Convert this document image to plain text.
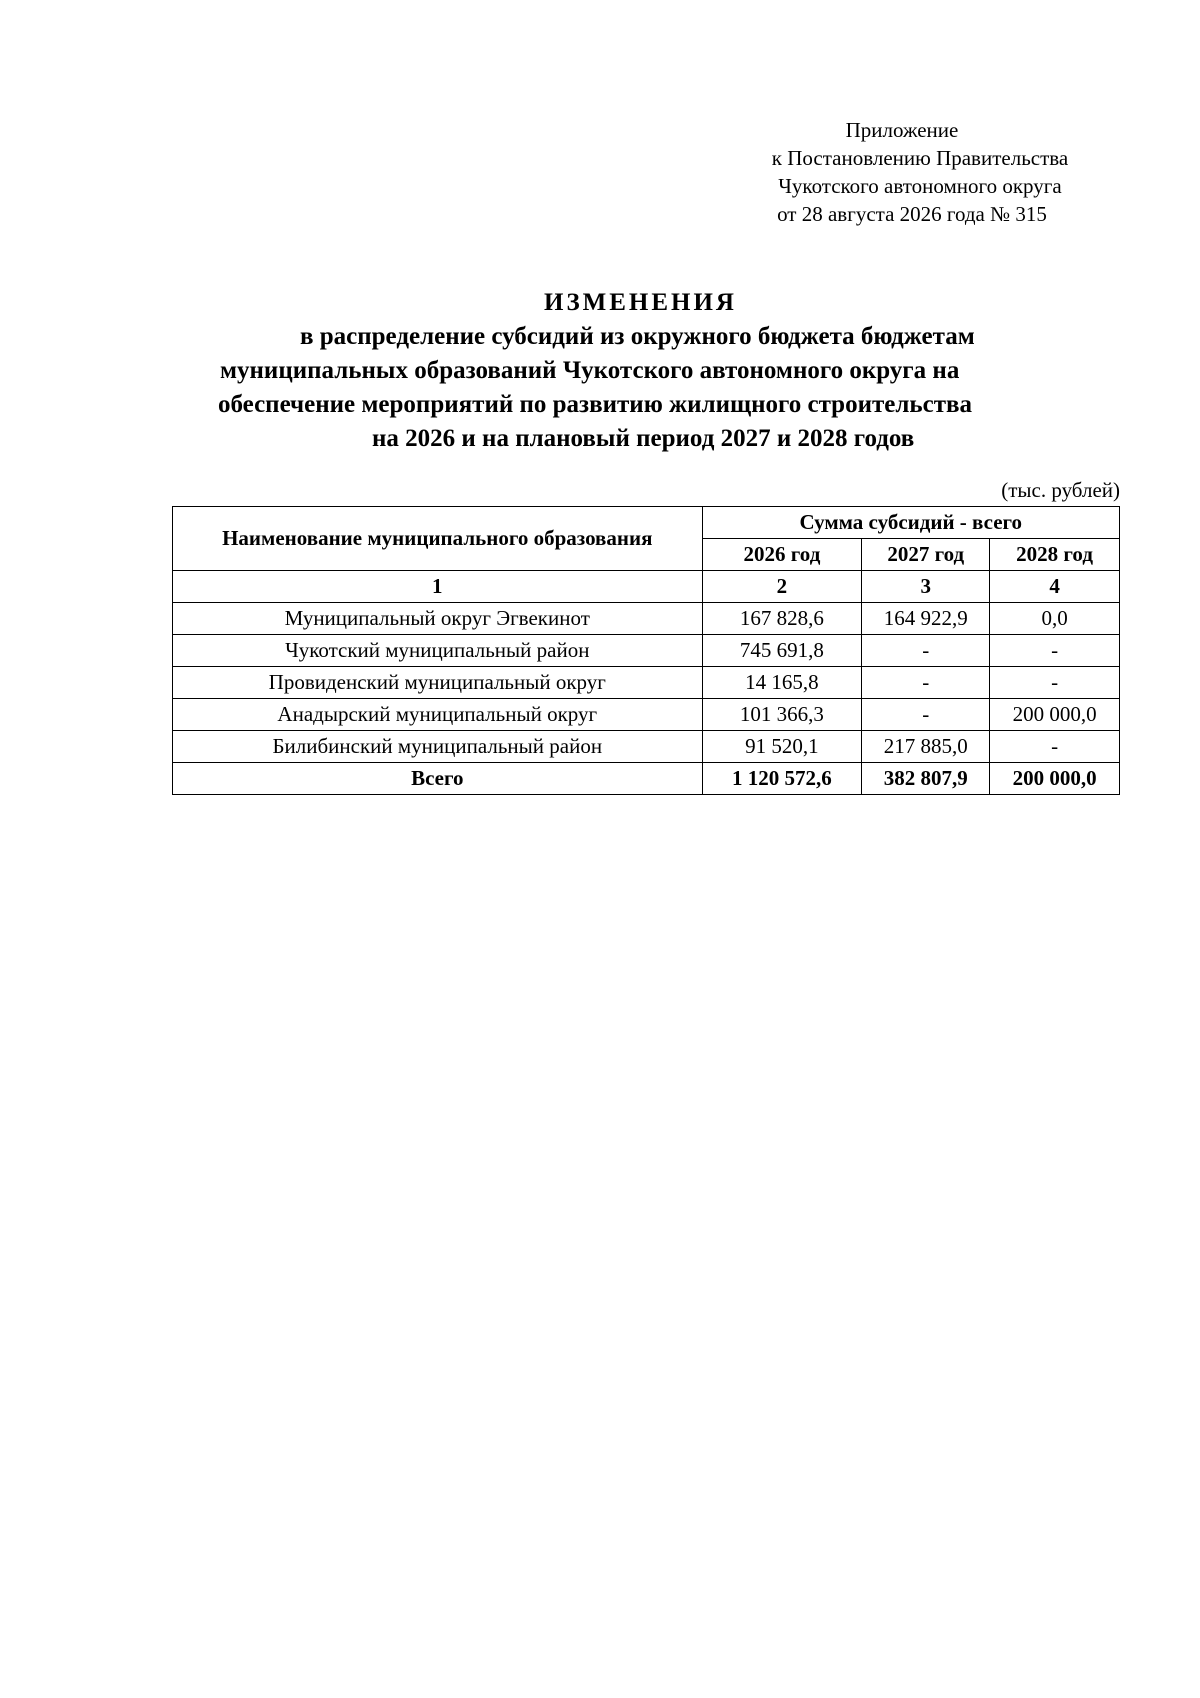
Приложение
к Постановлению Правительства
Чукотского автономного округа
от 28 августа 2026 года № 315
ИЗМЕНЕНИЯ
в распределение субсидий из окружного бюджета бюджетам
муниципальных образований Чукотского автономного округа на
обеспечение мероприятий по развитию жилищного строительства
на 2026 и на плановый период 2027 и 2028 годов
(тыс. рублей)
Наименование муниципального образования	Сумма субсидий - всего		
	2026 год	2027 год	2028 год
1	2	3	4
Муниципальный округ Эгвекинот	167 828,6	164 922,9	0,0
Чукотский муниципальный район	745 691,8	-	-
Провиденский муниципальный округ	14 165,8	-	-
Анадырский муниципальный округ	101 366,3	-	200 000,0
Билибинский муниципальный район	91 520,1	217 885,0	-
Всего	1 120 572,6	382 807,9	200 000,0
